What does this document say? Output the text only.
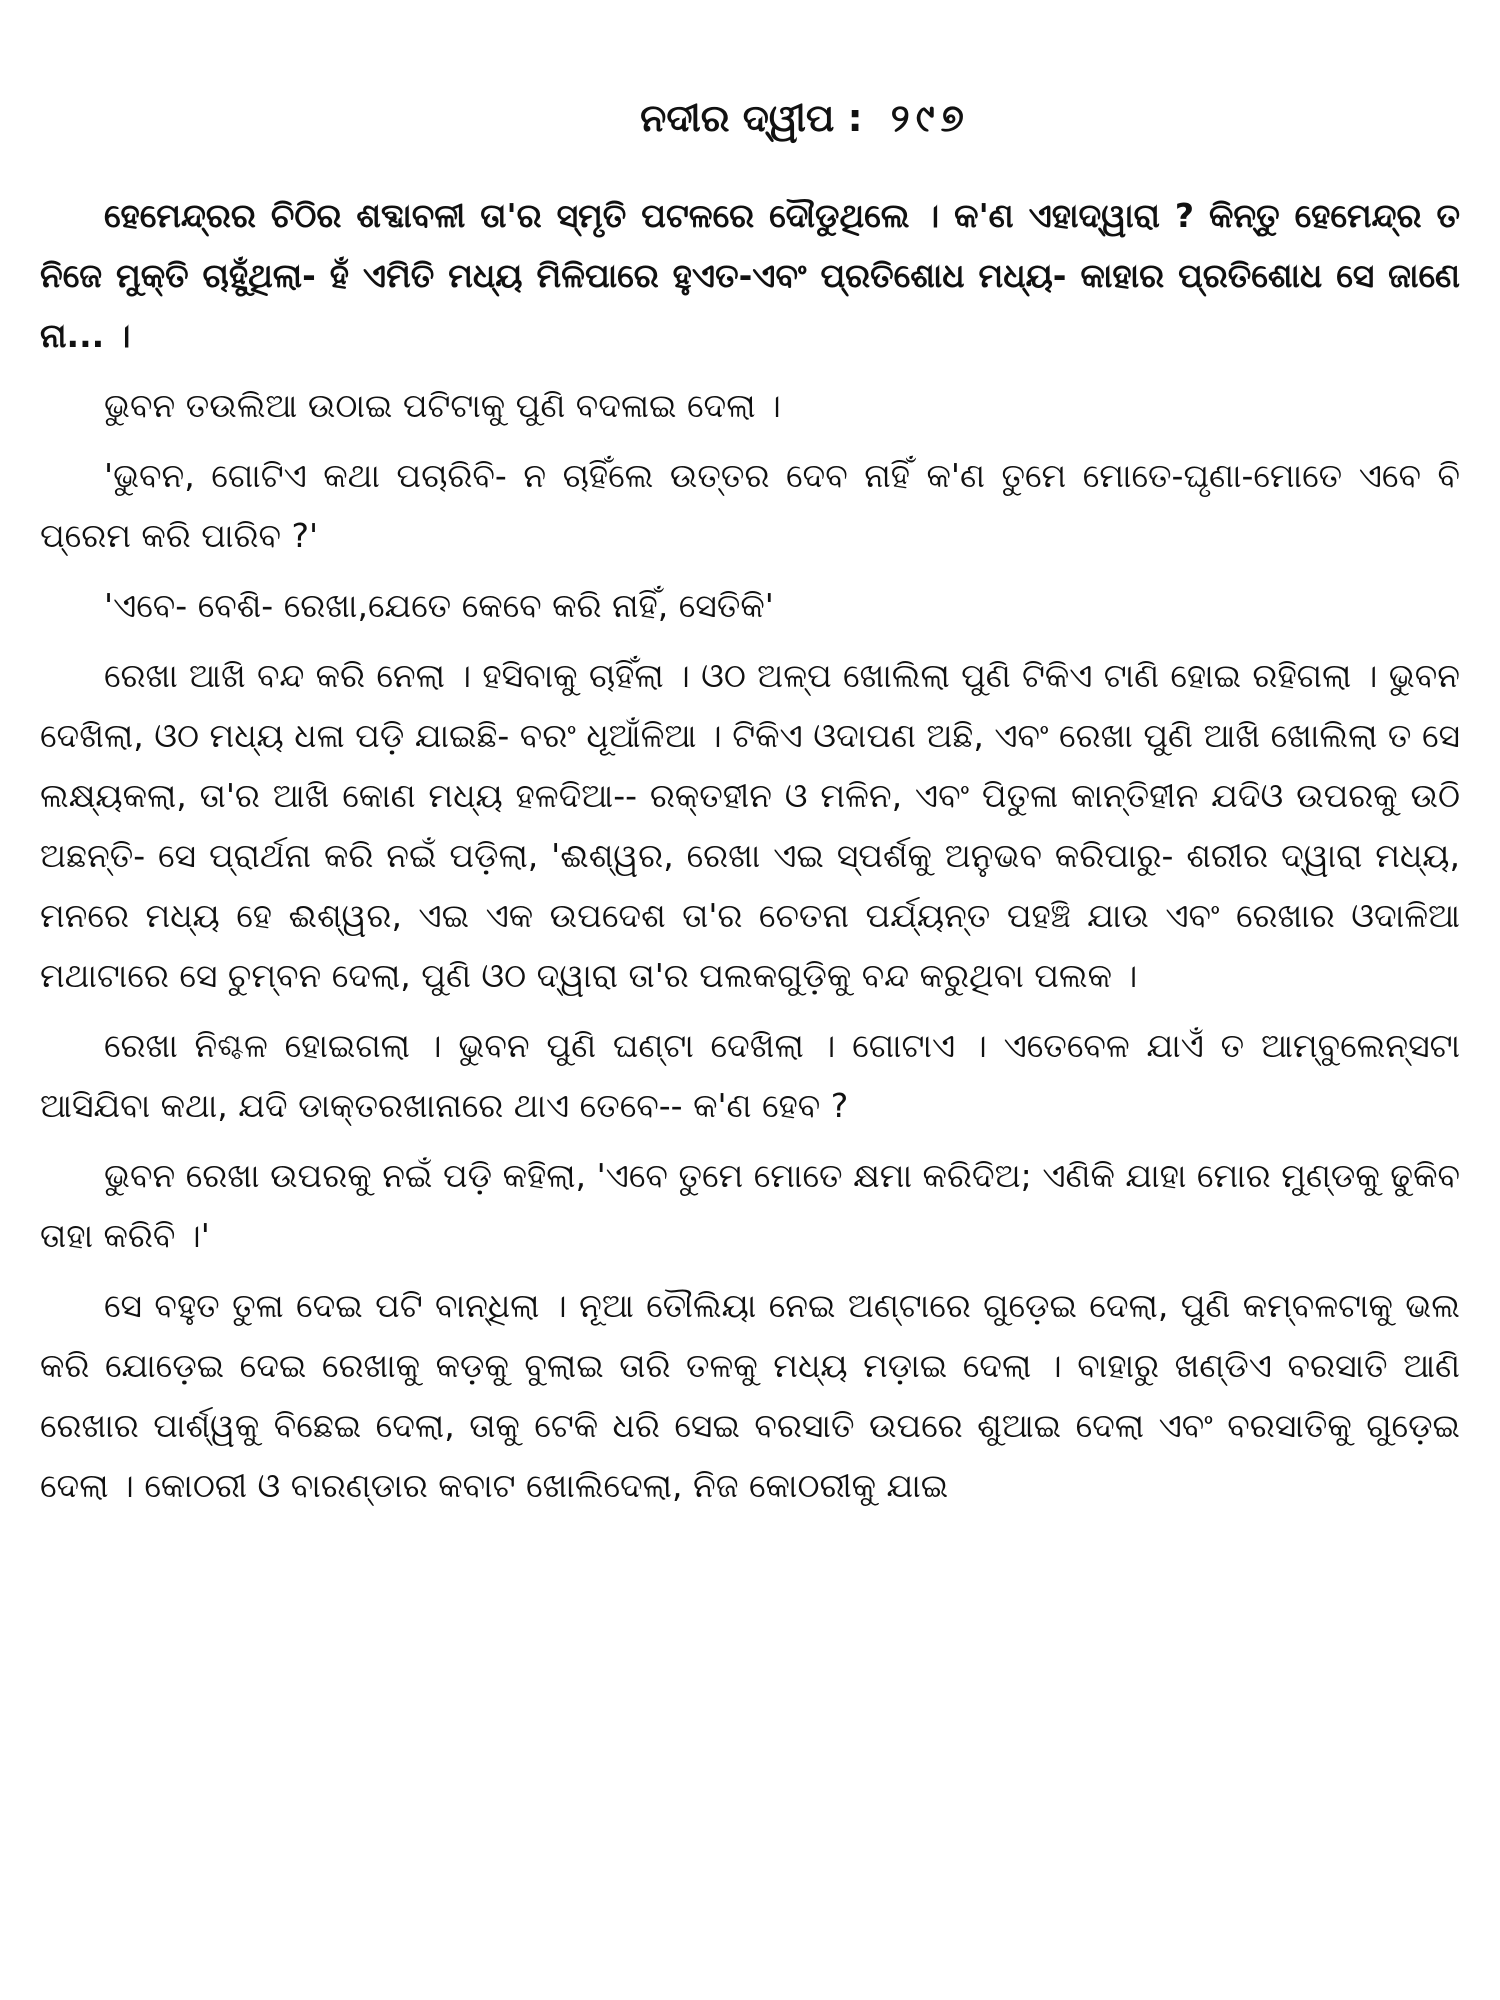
ନଦୀର ଦ୍ୱୀପ : ୨୯୭

ହେମେନ୍ଦ୍ରର ଚିଠିର ଶବ୍ଦାବଳୀ ତା'ର ସ୍ମୃତି ପଟଳରେ ଦୌଡୁଥିଲେ । କ'ଣ ଏହାଦ୍ୱାରା ? କିନ୍ତୁ ହେମେନ୍ଦ୍ର ତ ନିଜେ ମୁକ୍ତି ଚାହୁଁଥିଲା- ହଁ ଏମିତି ମଧ୍ୟ ମିଳିପାରେ ହୁଏତ-ଏବଂ ପ୍ରତିଶୋଧ ମଧ୍ୟ- କାହାର ପ୍ରତିଶୋଧ ସେ ଜାଣେ ନା... ।

ଭୁବନ ତଉଲିଆ ଉଠାଇ ପଟିଟାକୁ ପୁଣି ବଦଳାଇ ଦେଲା ।

'ଭୁବନ, ଗୋଟିଏ କଥା ପଚାରିବି- ନ ଚାହିଁଲେ ଉତ୍ତର ଦେବ ନାହିଁ କ'ଣ ତୁମେ ମୋତେ-ଘୃଣା-ମୋତେ ଏବେ ବି ପ୍ରେମ କରି ପାରିବ ?'

'ଏବେ- ବେଶି- ରେଖା,ଯେତେ କେବେ କରି ନାହିଁ, ସେତିକି'

ରେଖା ଆଖି ବନ୍ଦ କରି ନେଲା । ହସିବାକୁ ଚାହିଁଲା । ଓଠ ଅଳ୍ପ ଖୋଲିଲା ପୁଣି ଟିକିଏ ଟାଣି ହୋଇ ରହିଗଲା । ଭୁବନ ଦେଖିଲା, ଓଠ ମଧ୍ୟ ଧଳା ପଡ଼ି ଯାଇଛି- ବରଂ ଧୂଆଁଳିଆ । ଟିକିଏ ଓଦାପଣ ଅଛି, ଏବଂ ରେଖା ପୁଣି ଆଖି ଖୋଲିଲା ତ ସେ ଲକ୍ଷ୍ୟକଲା, ତା'ର ଆଖି କୋଣ ମଧ୍ୟ ହଳଦିଆ-- ରକ୍ତହୀନ ଓ ମଳିନ, ଏବଂ ପିତୁଳା କାନ୍ତିହୀନ ଯଦିଓ ଉପରକୁ ଉଠି ଅଛନ୍ତି- ସେ ପ୍ରାର୍ଥନା କରି ନଇଁ ପଡ଼ିଲା, 'ଈଶ୍ୱର, ରେଖା ଏଇ ସ୍ପର୍ଶକୁ ଅନୁଭବ କରିପାରୁ- ଶରୀର ଦ୍ୱାରା ମଧ୍ୟ, ମନରେ ମଧ୍ୟ ହେ ଈଶ୍ୱର, ଏଇ ଏକ ଉପଦେଶ ତା'ର ଚେତନା ପର୍ଯ୍ୟନ୍ତ ପହଞ୍ଚି ଯାଉ ଏବଂ ରେଖାର ଓଦାଳିଆ ମଥାଟାରେ ସେ ଚୁମ୍ବନ ଦେଲା, ପୁଣି ଓଠ ଦ୍ୱାରା ତା'ର ପଲକଗୁଡ଼ିକୁ ବନ୍ଦ କରୁଥିବା ପଲକ ।

ରେଖା ନିଶ୍ଚଳ ହୋଇଗଲା । ଭୁବନ ପୁଣି ଘଣ୍ଟା ଦେଖିଲା । ଗୋଟାଏ । ଏତେବେଳ ଯାଏଁ ତ ଆମ୍ବୁଲେନ୍ସଟା ଆସିଯିବା କଥା, ଯଦି ଡାକ୍ତରଖାନାରେ ଥାଏ ତେବେ-- କ'ଣ ହେବ ?

ଭୁବନ ରେଖା ଉପରକୁ ନଇଁ ପଡ଼ି କହିଲା, 'ଏବେ ତୁମେ ମୋତେ କ୍ଷମା କରିଦିଅ; ଏଣିକି ଯାହା ମୋର ମୁଣ୍ଡକୁ ଢୁକିବ ତାହା କରିବି ।'

ସେ ବହୁତ ତୁଳା ଦେଇ ପଟି ବାନ୍ଧିଲା । ନୂଆ ତୌଲିୟା ନେଇ ଅଣ୍ଟାରେ ଗୁଡ଼େଇ ଦେଲା, ପୁଣି କମ୍ବଳଟାକୁ ଭଲ କରି ଯୋଡ଼େଇ ଦେଇ ରେଖାକୁ କଡ଼କୁ ବୁଲାଇ ତାରି ତଳକୁ ମଧ୍ୟ ମଡ଼ାଇ ଦେଲା । ବାହାରୁ ଖଣ୍ଡିଏ ବରସାତି ଆଣି ରେଖାର ପାର୍ଶ୍ୱକୁ ବିଛେଇ ଦେଲା, ତାକୁ ଟେକି ଧରି ସେଇ ବରସାତି ଉପରେ ଶୁଆଇ ଦେଲା ଏବଂ ବରସାତିକୁ ଗୁଡ଼େଇ ଦେଲା । କୋଠରୀ ଓ ବାରଣ୍ଡାର କବାଟ ଖୋଲିଦେଲା, ନିଜ କୋଠରୀକୁ ଯାଇ
